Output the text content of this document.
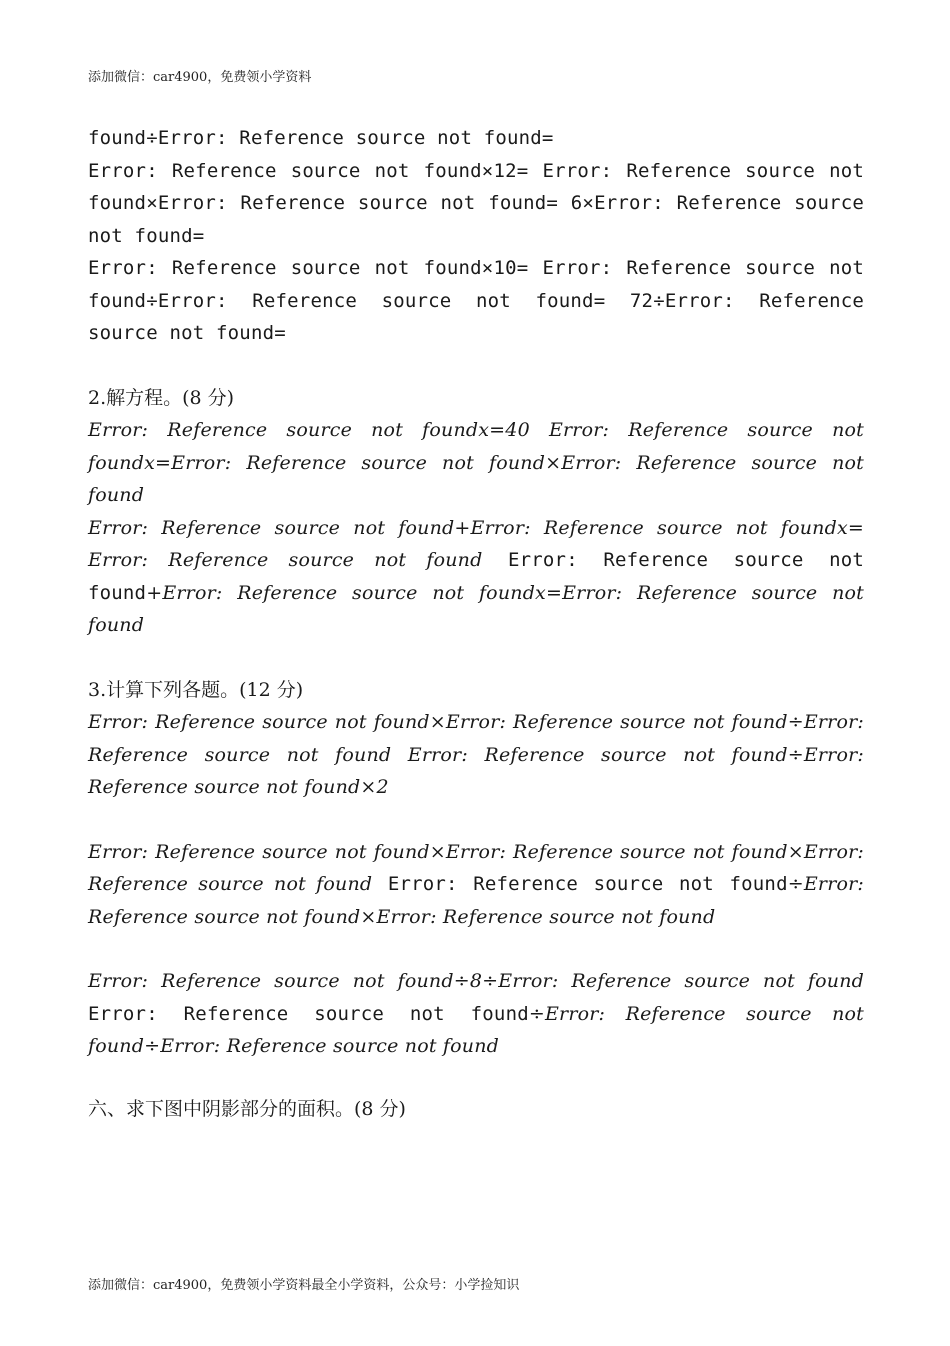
添加微信：car4900，免费领小学资料
found÷Error: Reference source not found=
Error: Reference source not found×12= Error: Reference source not found×Error: Reference source not found= 6×Error: Reference source not found=
Error: Reference source not found×10= Error: Reference source not found÷Error: Reference source not found= 72÷Error: Reference source not found=
2.解方程。(8 分)
Error: Reference source not foundx=40 Error: Reference source not foundx=Error: Reference source not found×Error: Reference source not found
Error: Reference source not found+Error: Reference source not foundx= Error: Reference source not found Error: Reference source not found+Error: Reference source not foundx=Error: Reference source not found
3.计算下列各题。(12 分)
Error: Reference source not found×Error: Reference source not found÷Error: Reference source not found Error: Reference source not found÷Error: Reference source not found×2
Error: Reference source not found×Error: Reference source not found×Error: Reference source not found Error: Reference source not found÷Error: Reference source not found×Error: Reference source not found
Error: Reference source not found÷8÷Error: Reference source not found Error: Reference source not found÷Error: Reference source not found÷Error: Reference source not found
六、求下图中阴影部分的面积。(8 分)
添加微信：car4900，免费领小学资料最全小学资料，公众号：小学捡知识
